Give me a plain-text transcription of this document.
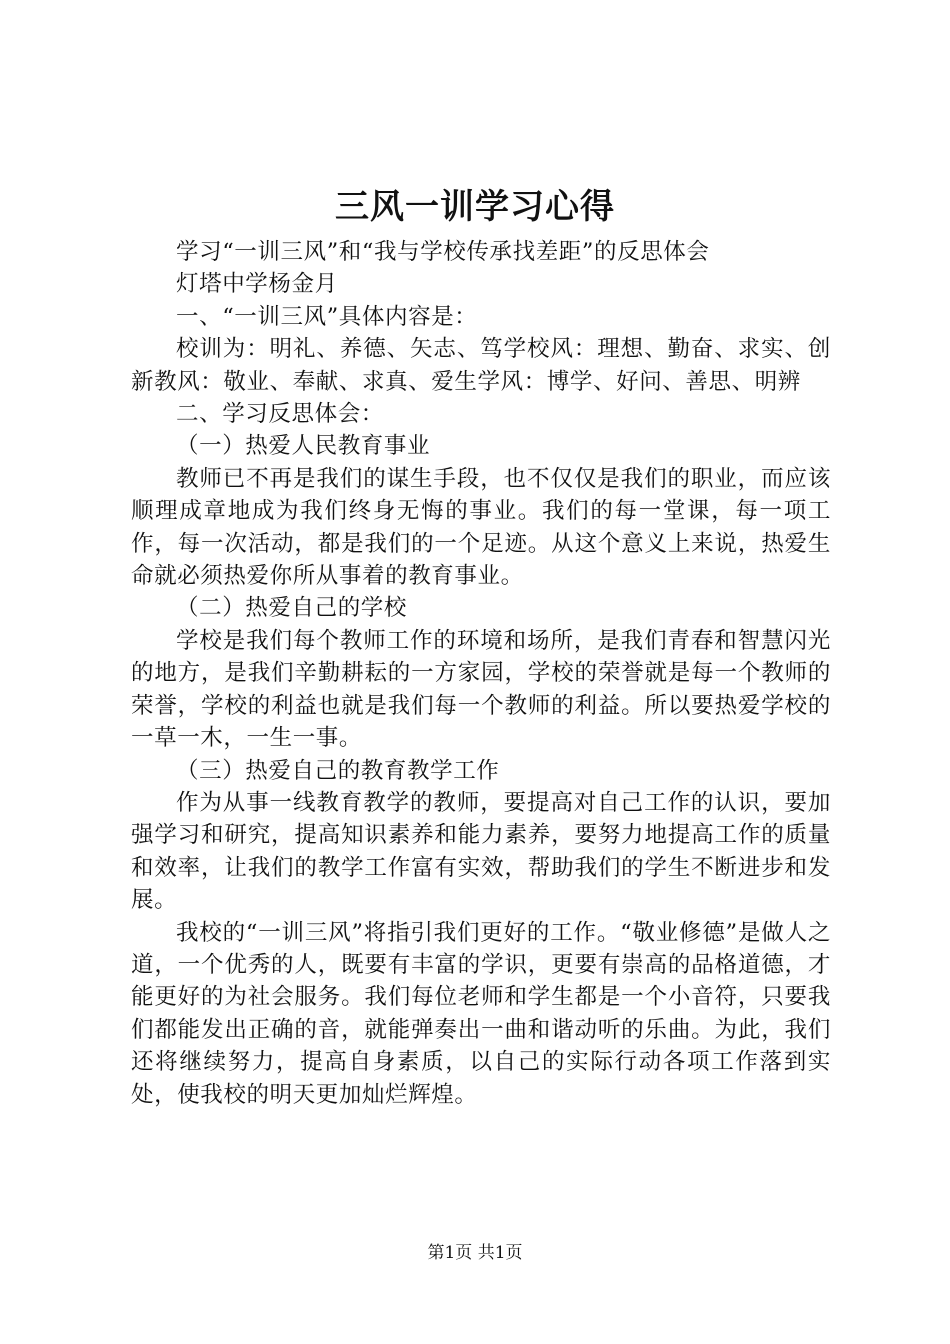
三风一训学习心得

学习“一训三风”和“我与学校传承找差距”的反思体会

灯塔中学杨金月

一、“一训三风”具体内容是：

校训为：明礼、养德、矢志、笃学校风：理想、勤奋、求实、创新教风：敬业、奉献、求真、爱生学风：博学、好问、善思、明辨

二、学习反思体会：

（一）热爱人民教育事业

教师已不再是我们的谋生手段，也不仅仅是我们的职业，而应该顺理成章地成为我们终身无悔的事业。我们的每一堂课，每一项工作，每一次活动，都是我们的一个足迹。从这个意义上来说，热爱生命就必须热爱你所从事着的教育事业。

（二）热爱自己的学校

学校是我们每个教师工作的环境和场所，是我们青春和智慧闪光的地方，是我们辛勤耕耘的一方家园，学校的荣誉就是每一个教师的荣誉，学校的利益也就是我们每一个教师的利益。所以要热爱学校的一草一木，一生一事。

（三）热爱自己的教育教学工作

作为从事一线教育教学的教师，要提高对自己工作的认识，要加强学习和研究，提高知识素养和能力素养，要努力地提高工作的质量和效率，让我们的教学工作富有实效，帮助我们的学生不断进步和发展。

我校的“一训三风”将指引我们更好的工作。“敬业修德”是做人之道，一个优秀的人，既要有丰富的学识，更要有崇高的品格道德，才能更好的为社会服务。我们每位老师和学生都是一个小音符，只要我们都能发出正确的音，就能弹奏出一曲和谐动听的乐曲。为此，我们还将继续努力，提高自身素质，以自己的实际行动各项工作落到实处，使我校的明天更加灿烂辉煌。

第1页 共1页
